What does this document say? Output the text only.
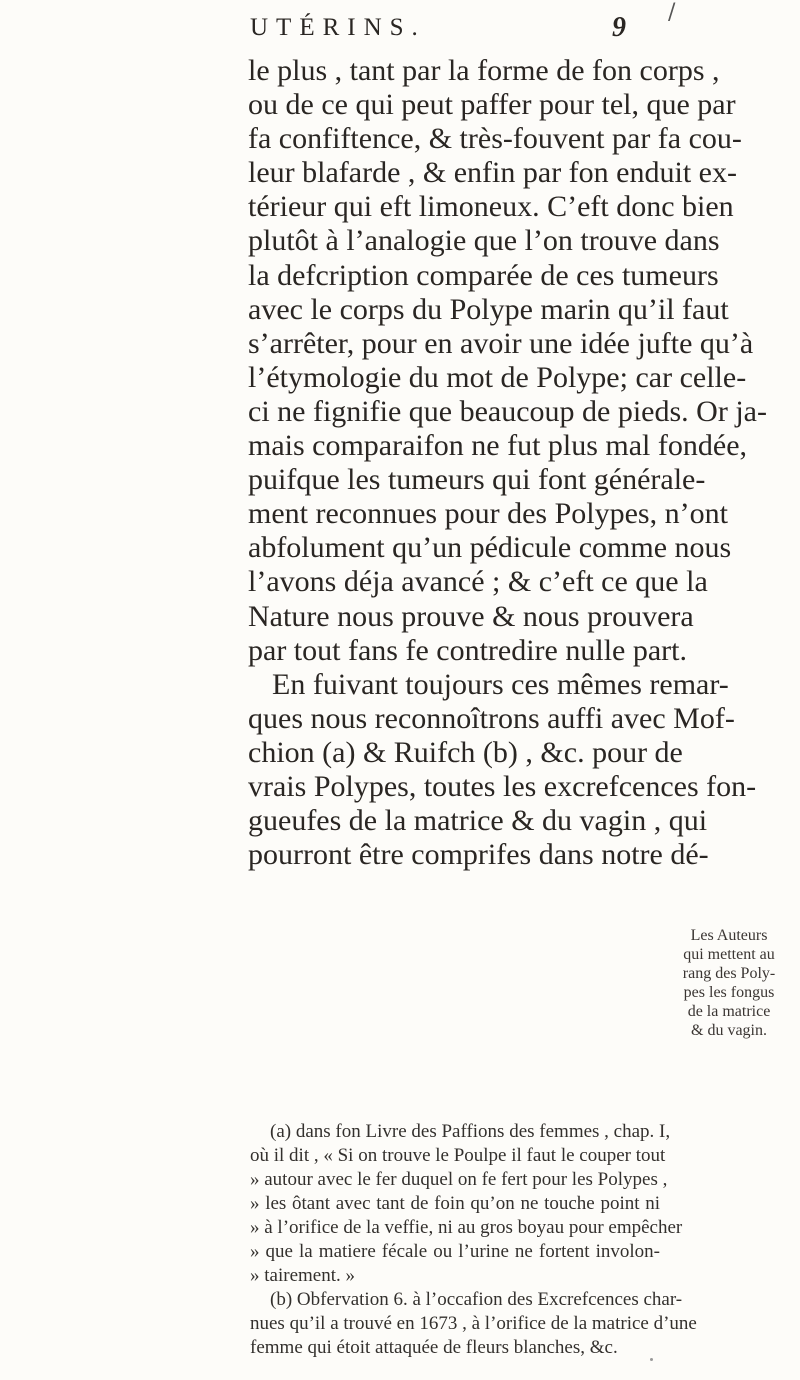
/
UTÉRINS.	9
le plus , tant par la forme de fon corps ,
ou de ce qui peut paffer pour tel, que par
fa confiftence, & très-fouvent par fa cou-
leur blafarde , & enfin par fon enduit ex-
térieur qui eft limoneux. C’eft donc bien
plutôt à l’analogie que l’on trouve dans
la defcription comparée de ces tumeurs
avec le corps du Polype marin qu’il faut
s’arrêter, pour en avoir une idée jufte qu’à
l’étymologie du mot de Polype; car celle-
ci ne fignifie que beaucoup de pieds. Or ja-
mais comparaifon ne fut plus mal fondée,
puifque les tumeurs qui font générale-
ment reconnues pour des Polypes, n’ont
abfolument qu’un pédicule comme nous
l’avons déja avancé ; & c’eft ce que la
Nature nous prouve & nous prouvera
par tout fans fe contredire nulle part.
En fuivant toujours ces mêmes remar-
ques nous reconnoîtrons auffi avec Mof-
chion (a) & Ruifch (b) , &c. pour de
vrais Polypes, toutes les excrefcences fon-
gueufes de la matrice & du vagin , qui
pourront être comprifes dans notre dé-
Les Auteurs
qui mettent au
rang des Poly-
pes les fongus
de la matrice
& du vagin.
(a) dans fon Livre des Paffions des femmes , chap. I,
où il dit , « Si on trouve le Poulpe il faut le couper tout
» autour avec le fer duquel on fe fert pour les Polypes ,
» les ôtant avec tant de foin qu’on ne touche point ni
» à l’orifice de la veffie, ni au gros boyau pour empêcher
» que la matiere fécale ou l’urine ne fortent involon-
» tairement. »
(b) Obfervation 6. à l’occafion des Excrefcences char-
nues qu’il a trouvé en 1673 , à l’orifice de la matrice d’une
femme qui étoit attaquée de fleurs blanches, &c.
